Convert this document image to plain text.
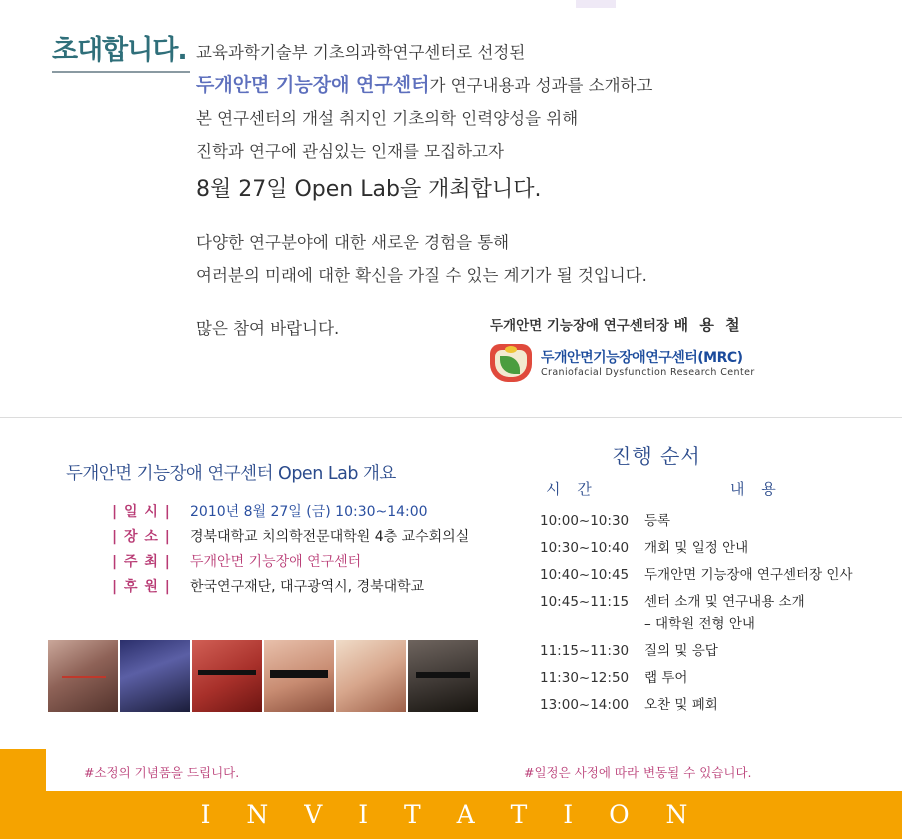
초대합니다. 교육과학기술부 기초의과학연구센터로 선정된
두개안면 기능장애 연구센터가 연구내용과 성과를 소개하고
본 연구센터의 개설 취지인 기초의학 인력양성을 위해
진학과 연구에 관심있는 인재를 모집하고자
8월 27일 Open Lab을 개최합니다.
다양한 연구분야에 대한 새로운 경험을 통해
여러분의 미래에 대한 확신을 가질 수 있는 계기가 될 것입니다.
많은 참여 바랍니다.	두개안면 기능장애 연구센터장 배 용 철
두개안면기능장애연구센터(MRC)
Craniofacial Dysfunction Research Center
두개안면 기능장애 연구센터 Open Lab 개요
| 일 시 |	2010년 8월 27일 (금) 10:30~14:00
| 장 소 |	경북대학교 치의학전문대학원 4층 교수회의실
| 주 최 |	두개안면 기능장애 연구센터
| 후 원 |	한국연구재단, 대구광역시, 경북대학교
#소정의 기념품을 드립니다.	#일정은 사정에 따라 변동될 수 있습니다.
진행 순서
시 간	내 용
10:00~10:30	등록
10:30~10:40	개회 및 일정 안내
10:40~10:45	두개안면 기능장애 연구센터장 인사
10:45~11:15	센터 소개 및 연구내용 소개
– 대학원 전형 안내
11:15~11:30	질의 및 응답
11:30~12:50	랩 투어
13:00~14:00	오찬 및 폐회
I N V I T A T I O N
